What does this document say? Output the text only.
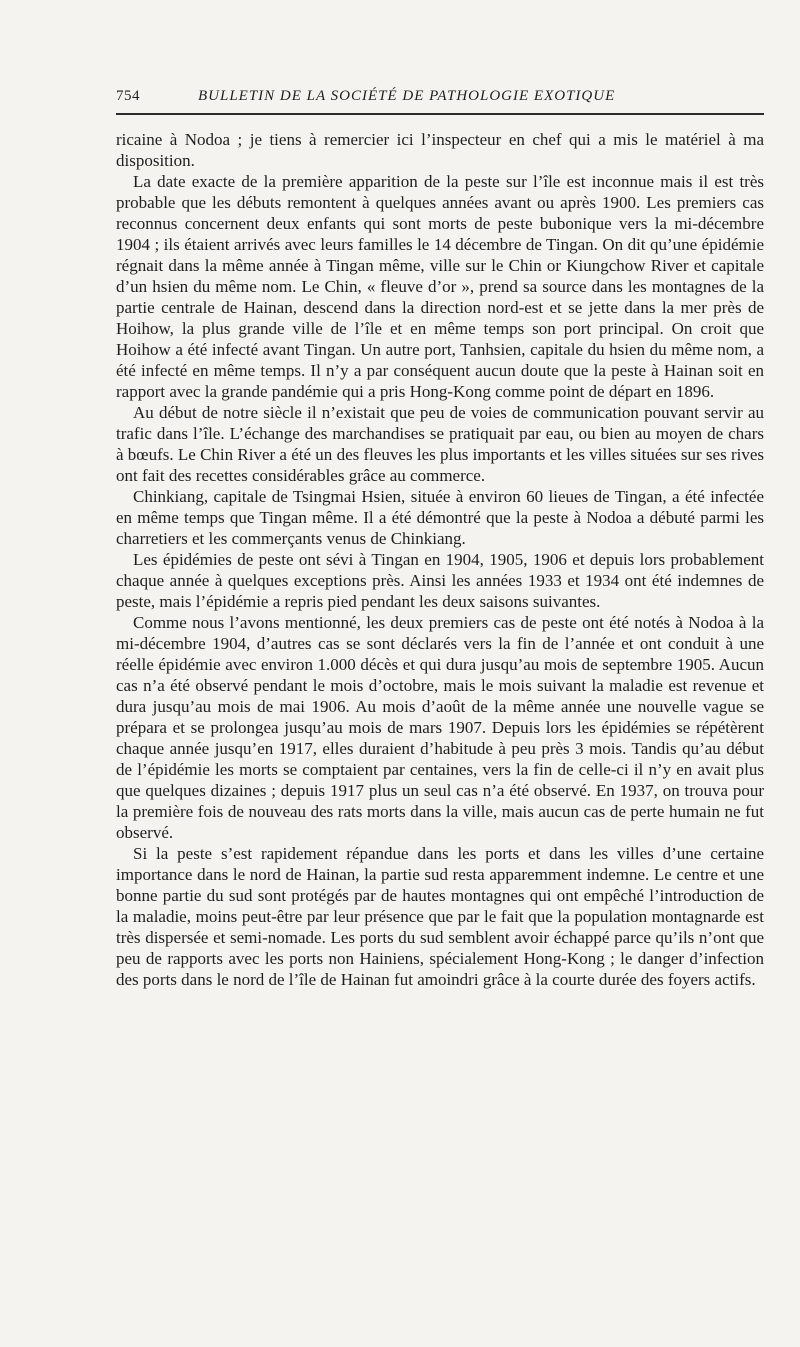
754	BULLETIN DE LA SOCIÉTÉ DE PATHOLOGIE EXOTIQUE

ricaine à Nodoa ; je tiens à remercier ici l’inspecteur en chef qui a mis le matériel à ma disposition.

La date exacte de la première apparition de la peste sur l’île est inconnue mais il est très probable que les débuts remontent à quelques années avant ou après 1900. Les premiers cas reconnus concernent deux enfants qui sont morts de peste bubonique vers la mi-décembre 1904 ; ils étaient arrivés avec leurs familles le 14 décembre de Tingan. On dit qu’une épidémie régnait dans la même année à Tingan même, ville sur le Chin or Kiungchow River et capitale d’un hsien du même nom. Le Chin, « fleuve d’or », prend sa source dans les montagnes de la partie centrale de Hainan, descend dans la direction nord-est et se jette dans la mer près de Hoihow, la plus grande ville de l’île et en même temps son port principal. On croit que Hoihow a été infecté avant Tingan. Un autre port, Tanhsien, capitale du hsien du même nom, a été infecté en même temps. Il n’y a par conséquent aucun doute que la peste à Hainan soit en rapport avec la grande pandémie qui a pris Hong-Kong comme point de départ en 1896.

Au début de notre siècle il n’existait que peu de voies de communication pouvant servir au trafic dans l’île. L’échange des marchandises se pratiquait par eau, ou bien au moyen de chars à bœufs. Le Chin River a été un des fleuves les plus importants et les villes situées sur ses rives ont fait des recettes considérables grâce au commerce.

Chinkiang, capitale de Tsingmai Hsien, située à environ 60 lieues de Tingan, a été infectée en même temps que Tingan même. Il a été démontré que la peste à Nodoa a débuté parmi les charretiers et les commerçants venus de Chinkiang.

Les épidémies de peste ont sévi à Tingan en 1904, 1905, 1906 et depuis lors probablement chaque année à quelques exceptions près. Ainsi les années 1933 et 1934 ont été indemnes de peste, mais l’épidémie a repris pied pendant les deux saisons suivantes.

Comme nous l’avons mentionné, les deux premiers cas de peste ont été notés à Nodoa à la mi-décembre 1904, d’autres cas se sont déclarés vers la fin de l’année et ont conduit à une réelle épidémie avec environ 1.000 décès et qui dura jusqu’au mois de septembre 1905. Aucun cas n’a été observé pendant le mois d’octobre, mais le mois suivant la maladie est revenue et dura jusqu’au mois de mai 1906. Au mois d’août de la même année une nouvelle vague se prépara et se prolongea jusqu’au mois de mars 1907. Depuis lors les épidémies se répétèrent chaque année jusqu’en 1917, elles duraient d’habitude à peu près 3 mois. Tandis qu’au début de l’épidémie les morts se comptaient par centaines, vers la fin de celle-ci il n’y en avait plus que quelques dizaines ; depuis 1917 plus un seul cas n’a été observé. En 1937, on trouva pour la première fois de nouveau des rats morts dans la ville, mais aucun cas de perte humain ne fut observé.

Si la peste s’est rapidement répandue dans les ports et dans les villes d’une certaine importance dans le nord de Hainan, la partie sud resta apparemment indemne. Le centre et une bonne partie du sud sont protégés par de hautes montagnes qui ont empêché l’introduction de la maladie, moins peut-être par leur présence que par le fait que la population montagnarde est très dispersée et semi-nomade. Les ports du sud semblent avoir échappé parce qu’ils n’ont que peu de rapports avec les ports non Hainiens, spécialement Hong-Kong ; le danger d’infection des ports dans le nord de l’île de Hainan fut amoindri grâce à la courte durée des foyers actifs.
